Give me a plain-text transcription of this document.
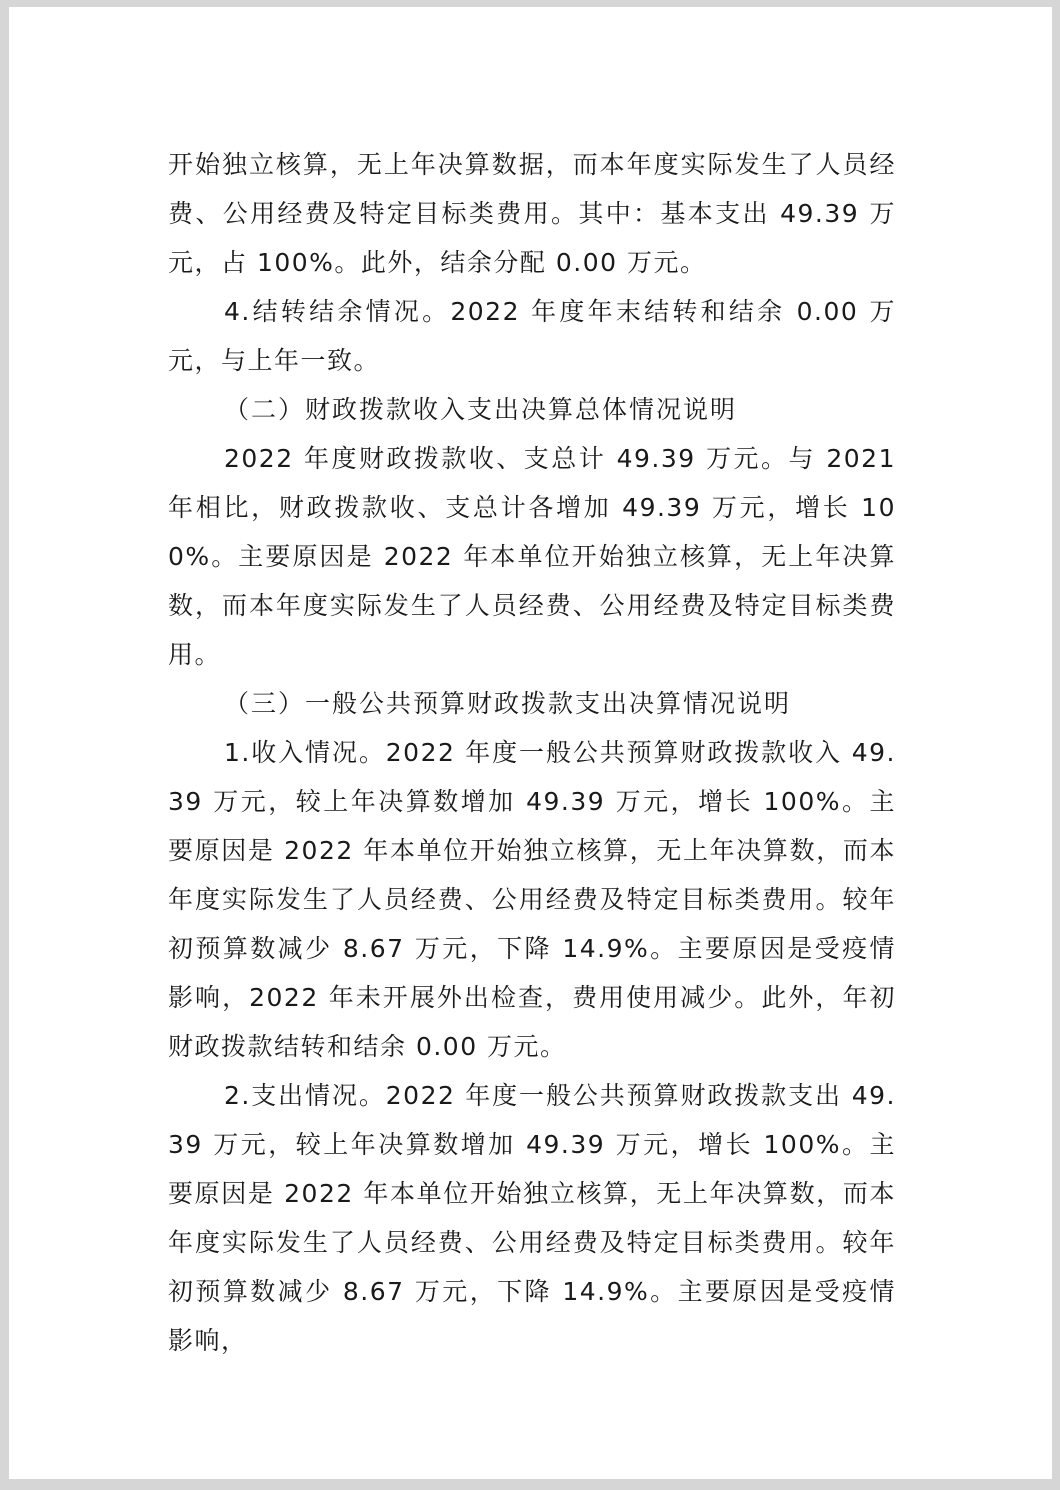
开始独立核算，无上年决算数据，而本年度实际发生了人员经费、公用经费及特定目标类费用。其中：基本支出 49.39 万元，占 100%。此外，结余分配 0.00 万元。

4.结转结余情况。2022 年度年末结转和结余 0.00 万元，与上年一致。

（二）财政拨款收入支出决算总体情况说明

2022 年度财政拨款收、支总计 49.39 万元。与 2021 年相比，财政拨款收、支总计各增加 49.39 万元，增长 100%。主要原因是 2022 年本单位开始独立核算，无上年决算数，而本年度实际发生了人员经费、公用经费及特定目标类费用。

（三）一般公共预算财政拨款支出决算情况说明

1.收入情况。2022 年度一般公共预算财政拨款收入 49.39 万元，较上年决算数增加 49.39 万元，增长 100%。主要原因是 2022 年本单位开始独立核算，无上年决算数，而本年度实际发生了人员经费、公用经费及特定目标类费用。较年初预算数减少 8.67 万元，下降 14.9%。主要原因是受疫情影响，2022 年未开展外出检查，费用使用减少。此外，年初财政拨款结转和结余 0.00 万元。

2.支出情况。2022 年度一般公共预算财政拨款支出 49.39 万元，较上年决算数增加 49.39 万元，增长 100%。主要原因是 2022 年本单位开始独立核算，无上年决算数，而本年度实际发生了人员经费、公用经费及特定目标类费用。较年初预算数减少 8.67 万元，下降 14.9%。主要原因是受疫情影响，
